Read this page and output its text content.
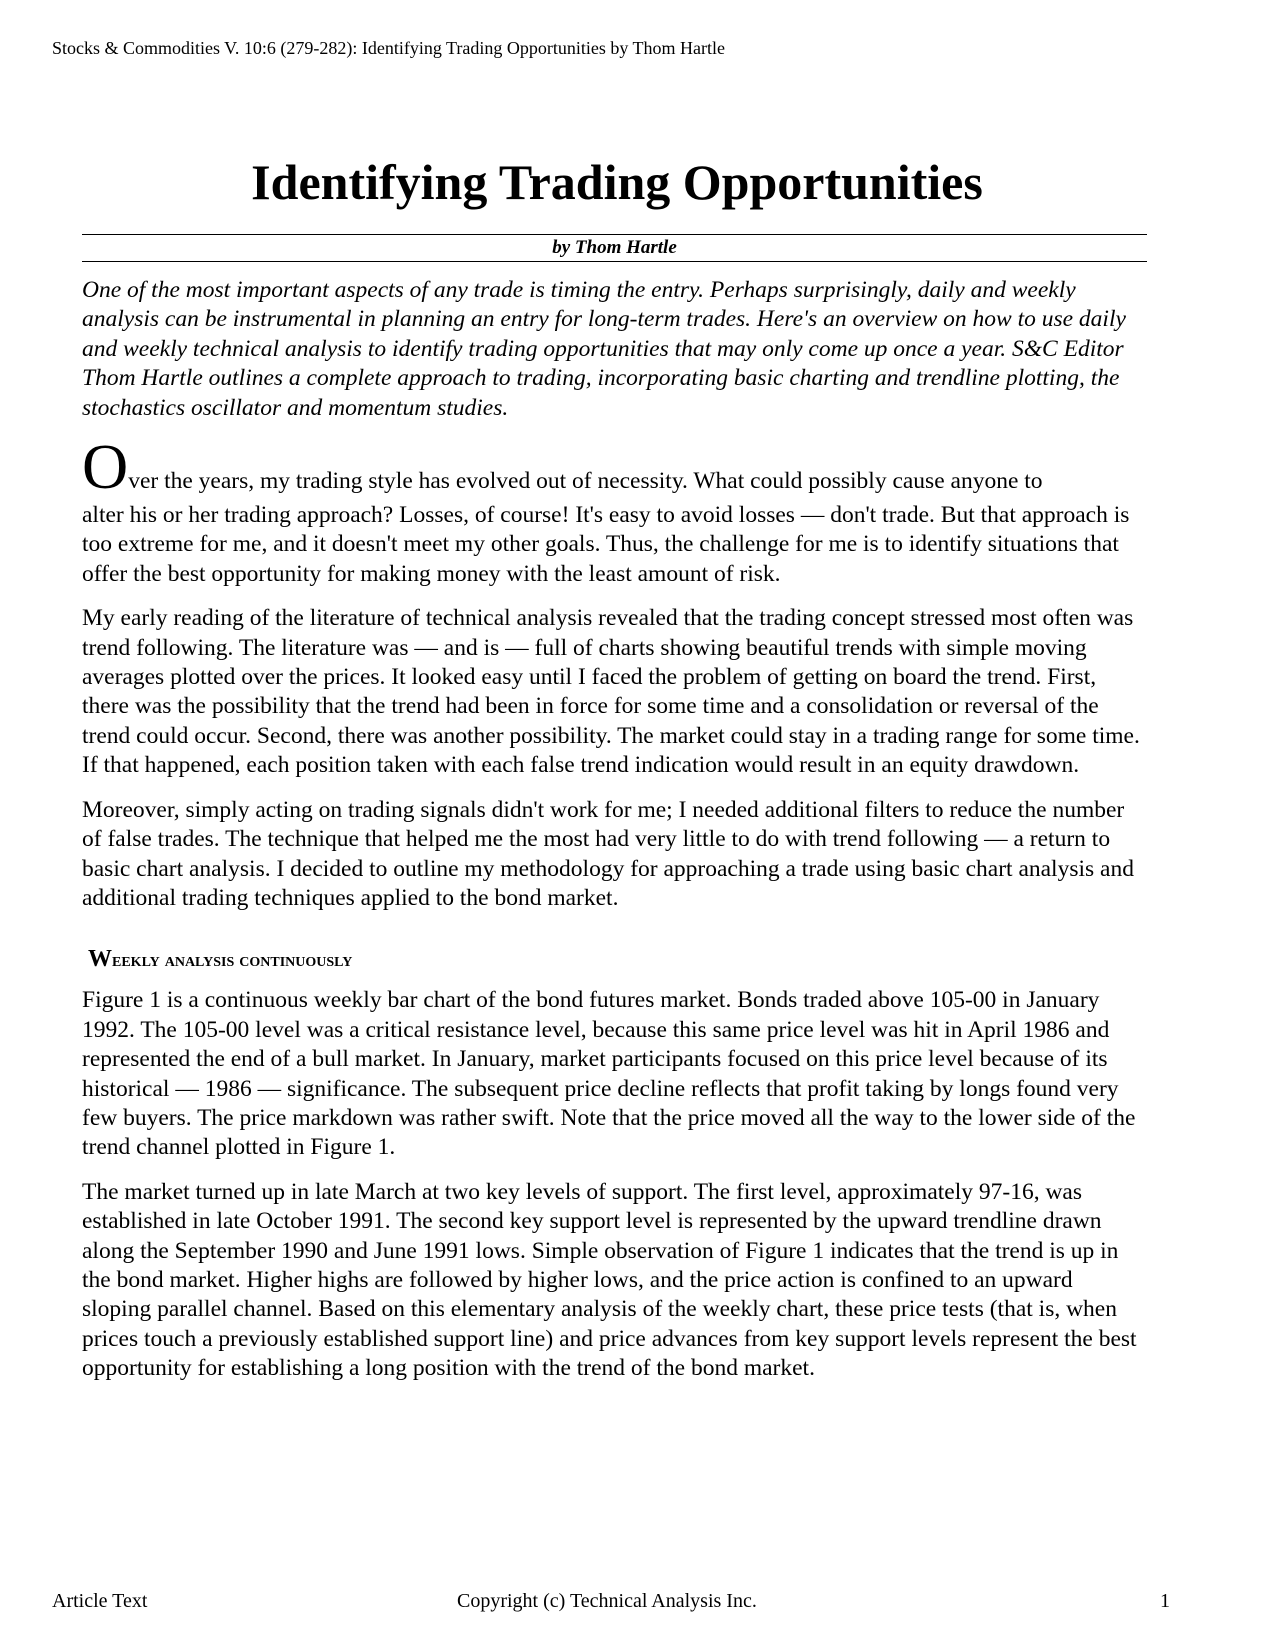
Stocks & Commodities V. 10:6 (279-282): Identifying Trading Opportunities by Thom Hartle
Identifying Trading Opportunities
by Thom Hartle

One of the most important aspects of any trade is timing the entry. Perhaps surprisingly, daily and weekly analysis can be instrumental in planning an entry for long-term trades. Here's an overview on how to use daily and weekly technical analysis to identify trading opportunities that may only come up once a year. S&C Editor Thom Hartle outlines a complete approach to trading, incorporating basic charting and trendline plotting, the stochastics oscillator and momentum studies.

Over the years, my trading style has evolved out of necessity. What could possibly cause anyone to
alter his or her trading approach? Losses, of course! It's easy to avoid losses — don't trade. But that approach is too extreme for me, and it doesn't meet my other goals. Thus, the challenge for me is to identify situations that offer the best opportunity for making money with the least amount of risk.

My early reading of the literature of technical analysis revealed that the trading concept stressed most often was trend following. The literature was — and is — full of charts showing beautiful trends with simple moving averages plotted over the prices. It looked easy until I faced the problem of getting on board the trend. First, there was the possibility that the trend had been in force for some time and a consolidation or reversal of the trend could occur. Second, there was another possibility. The market could stay in a trading range for some time. If that happened, each position taken with each false trend indication would result in an equity drawdown.

Moreover, simply acting on trading signals didn't work for me; I needed additional filters to reduce the number of false trades. The technique that helped me the most had very little to do with trend following — a return to basic chart analysis. I decided to outline my methodology for approaching a trade using basic chart analysis and additional trading techniques applied to the bond market.

Weekly analysis continuously

Figure 1 is a continuous weekly bar chart of the bond futures market. Bonds traded above 105-00 in January 1992. The 105-00 level was a critical resistance level, because this same price level was hit in April 1986 and represented the end of a bull market. In January, market participants focused on this price level because of its historical — 1986 — significance. The subsequent price decline reflects that profit taking by longs found very few buyers. The price markdown was rather swift. Note that the price moved all the way to the lower side of the trend channel plotted in Figure 1.

The market turned up in late March at two key levels of support. The first level, approximately 97-16, was established in late October 1991. The second key support level is represented by the upward trendline drawn along the September 1990 and June 1991 lows. Simple observation of Figure 1 indicates that the trend is up in the bond market. Higher highs are followed by higher lows, and the price action is confined to an upward sloping parallel channel. Based on this elementary analysis of the weekly chart, these price tests (that is, when prices touch a previously established support line) and price advances from key support levels represent the best opportunity for establishing a long position with the trend of the bond market.

Article Text	Copyright (c) Technical Analysis Inc.	1
